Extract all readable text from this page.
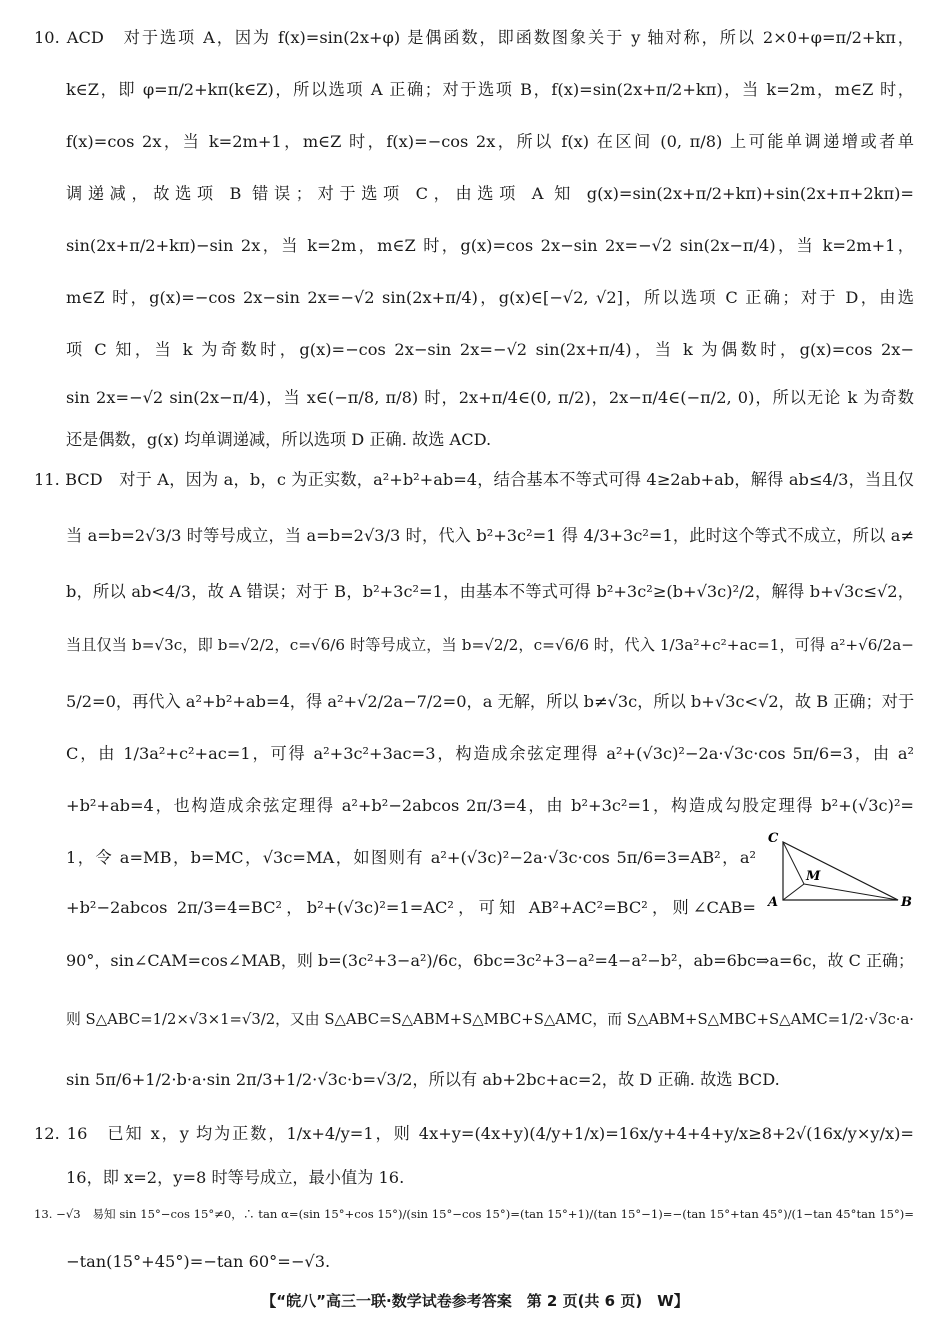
10. ACD　对于选项 A，因为 f(x)=sin(2x+φ) 是偶函数，即函数图象关于 y 轴对称，所以 2×0+φ=π/2+kπ，
k∈Z，即 φ=π/2+kπ(k∈Z)，所以选项 A 正确；对于选项 B，f(x)=sin(2x+π/2+kπ)，当 k=2m，m∈Z 时，
f(x)=cos 2x，当 k=2m+1，m∈Z 时，f(x)=−cos 2x，所以 f(x) 在区间 (0, π/8) 上可能单调递增或者单
调递减，故选项 B 错误；对于选项 C，由选项 A 知 g(x)=sin(2x+π/2+kπ)+sin(2x+π+2kπ)=
sin(2x+π/2+kπ)−sin 2x，当 k=2m，m∈Z 时，g(x)=cos 2x−sin 2x=−√2 sin(2x−π/4)，当 k=2m+1，
m∈Z 时，g(x)=−cos 2x−sin 2x=−√2 sin(2x+π/4)，g(x)∈[−√2, √2]，所以选项 C 正确；对于 D，由选
项 C 知，当 k 为奇数时，g(x)=−cos 2x−sin 2x=−√2 sin(2x+π/4)，当 k 为偶数时，g(x)=cos 2x−
sin 2x=−√2 sin(2x−π/4)，当 x∈(−π/8, π/8) 时，2x+π/4∈(0, π/2)，2x−π/4∈(−π/2, 0)，所以无论 k 为奇数
还是偶数，g(x) 均单调递减，所以选项 D 正确. 故选 ACD.
11. BCD　对于 A，因为 a，b，c 为正实数，a²+b²+ab=4，结合基本不等式可得 4≥2ab+ab，解得 ab≤4/3，当且仅
当 a=b=2√3/3 时等号成立，当 a=b=2√3/3 时，代入 b²+3c²=1 得 4/3+3c²=1，此时这个等式不成立，所以 a≠
b，所以 ab<4/3，故 A 错误；对于 B，b²+3c²=1，由基本不等式可得 b²+3c²≥(b+√3c)²/2，解得 b+√3c≤√2，
当且仅当 b=√3c，即 b=√2/2，c=√6/6 时等号成立，当 b=√2/2，c=√6/6 时，代入 1/3a²+c²+ac=1，可得 a²+√6/2a−
5/2=0，再代入 a²+b²+ab=4，得 a²+√2/2a−7/2=0，a 无解，所以 b≠√3c，所以 b+√3c<√2，故 B 正确；对于
C，由 1/3a²+c²+ac=1，可得 a²+3c²+3ac=3，构造成余弦定理得 a²+(√3c)²−2a·√3c·cos 5π/6=3，由 a²
+b²+ab=4，也构造成余弦定理得 a²+b²−2abcos 2π/3=4，由 b²+3c²=1，构造成勾股定理得 b²+(√3c)²=
1，令 a=MB，b=MC，√3c=MA，如图则有 a²+(√3c)²−2a·√3c·cos 5π/6=3=AB²，a²
+b²−2abcos 2π/3=4=BC²，b²+(√3c)²=1=AC²，可知 AB²+AC²=BC²，则∠CAB=
90°，sin∠CAM=cos∠MAB，则 b=(3c²+3−a²)/6c，6bc=3c²+3−a²=4−a²−b²，ab=6bc⇒a=6c，故 C 正确；
则 S△ABC=1/2×√3×1=√3/2，又由 S△ABC=S△ABM+S△MBC+S△AMC，而 S△ABM+S△MBC+S△AMC=1/2·√3c·a·
sin 5π/6+1/2·b·a·sin 2π/3+1/2·√3c·b=√3/2，所以有 ab+2bc+ac=2，故 D 正确. 故选 BCD.
12. 16　已知 x，y 均为正数，1/x+4/y=1，则 4x+y=(4x+y)(4/y+1/x)=16x/y+4+4+y/x≥8+2√(16x/y×y/x)=
16，即 x=2，y=8 时等号成立，最小值为 16.
13. −√3　易知 sin 15°−cos 15°≠0，∴ tan α=(sin 15°+cos 15°)/(sin 15°−cos 15°)=(tan 15°+1)/(tan 15°−1)=−(tan 15°+tan 45°)/(1−tan 45°tan 15°)=
−tan(15°+45°)=−tan 60°=−√3.
C
M
A	B
【“皖八”高三一联·数学试卷参考答案　第 2 页(共 6 页)　W】
